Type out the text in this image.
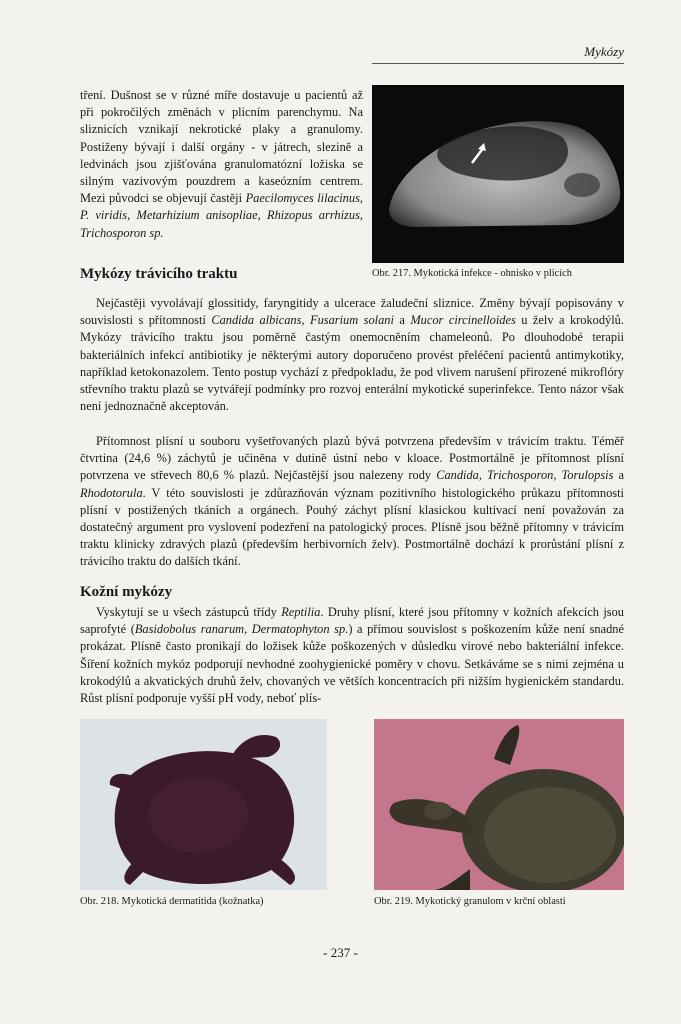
Mykózy
tření. Dušnost se v různé míře dostavuje u pacientů až při pokročilých změnách v plicním parenchymu. Na sliznicích vznikají nekrotické plaky a granulomy. Postiženy bývají i další orgány - v játrech, slezině a ledvinách jsou zjišťována granulomatózní ložiska se silným vazivovým pouzdrem a kaseózním centrem. Mezi původci se objevují častěji Paecilomyces lilacinus, P. viridis, Metarhizium anisopliae, Rhizopus arrhizus, Trichosporon sp.
Obr. 217. Mykotická infekce - ohnisko v plicích
Mykózy trávicího traktu

Nejčastěji vyvolávají glossitidy, faryngitidy a ulcerace žaludeční sliznice. Změny bývají popisovány v souvislosti s přítomností Candida albicans, Fusarium solani a Mucor circinelloides u želv a krokodýlů. Mykózy trávicího traktu jsou poměrně častým onemocněním chameleonů. Po dlouhodobé terapii bakteriálních infekcí antibiotiky je některými autory doporučeno provést přeléčení pacientů antimykotiky, například ketokonazolem. Tento postup vychází z předpokladu, že pod vlivem narušení přirozené mikroflóry střevního traktu plazů se vytvářejí podmínky pro rozvoj enterální mykotické superinfekce. Tento názor však není jednoznačně akceptován.

Přítomnost plísní u souboru vyšetřovaných plazů bývá potvrzena především v trávicím traktu. Téměř čtvrtina (24,6 %) záchytů je učiněna v dutině ústní nebo v kloace. Postmortálně je přítomnost plísní potvrzena ve střevech 80,6 % plazů. Nejčastější jsou nalezeny rody Candida, Trichosporon, Torulopsis a Rhodotorula. V této souvislosti je zdůrazňován význam pozitivního histologického průkazu přítomnosti plísní v postižených tkáních a orgánech. Pouhý záchyt plísní klasickou kultivací není považován za dostatečný argument pro vyslovení podezření na patologický proces. Plísně jsou běžně přítomny v trávicím traktu klinicky zdravých plazů (především herbivorních želv). Postmortálně dochází k prorůstání plísní z trávicího traktu do dalších tkání.

Kožní mykózy

Vyskytují se u všech zástupců třídy Reptilia. Druhy plísní, které jsou přítomny v kožních afekcích jsou saprofyté (Basidobolus ranarum, Dermatophyton sp.) a přímou souvislost s poškozením kůže není snadné prokázat. Plísně často pronikají do ložisek kůže poškozených v důsledku virové nebo bakteriální infekce. Šíření kožních mykóz podporují nevhodné zoohygienické poměry v chovu. Setkáváme se s nimi zejména u krokodýlů a akvatických druhů želv, chovaných ve větších koncentracích při nižším hygienickém standardu. Růst plísní podporuje vyšší pH vody, neboť plís-

Obr. 218. Mykotická dermatitida (kožnatka)	Obr. 219. Mykotický granulom v krční oblasti
- 237 -
